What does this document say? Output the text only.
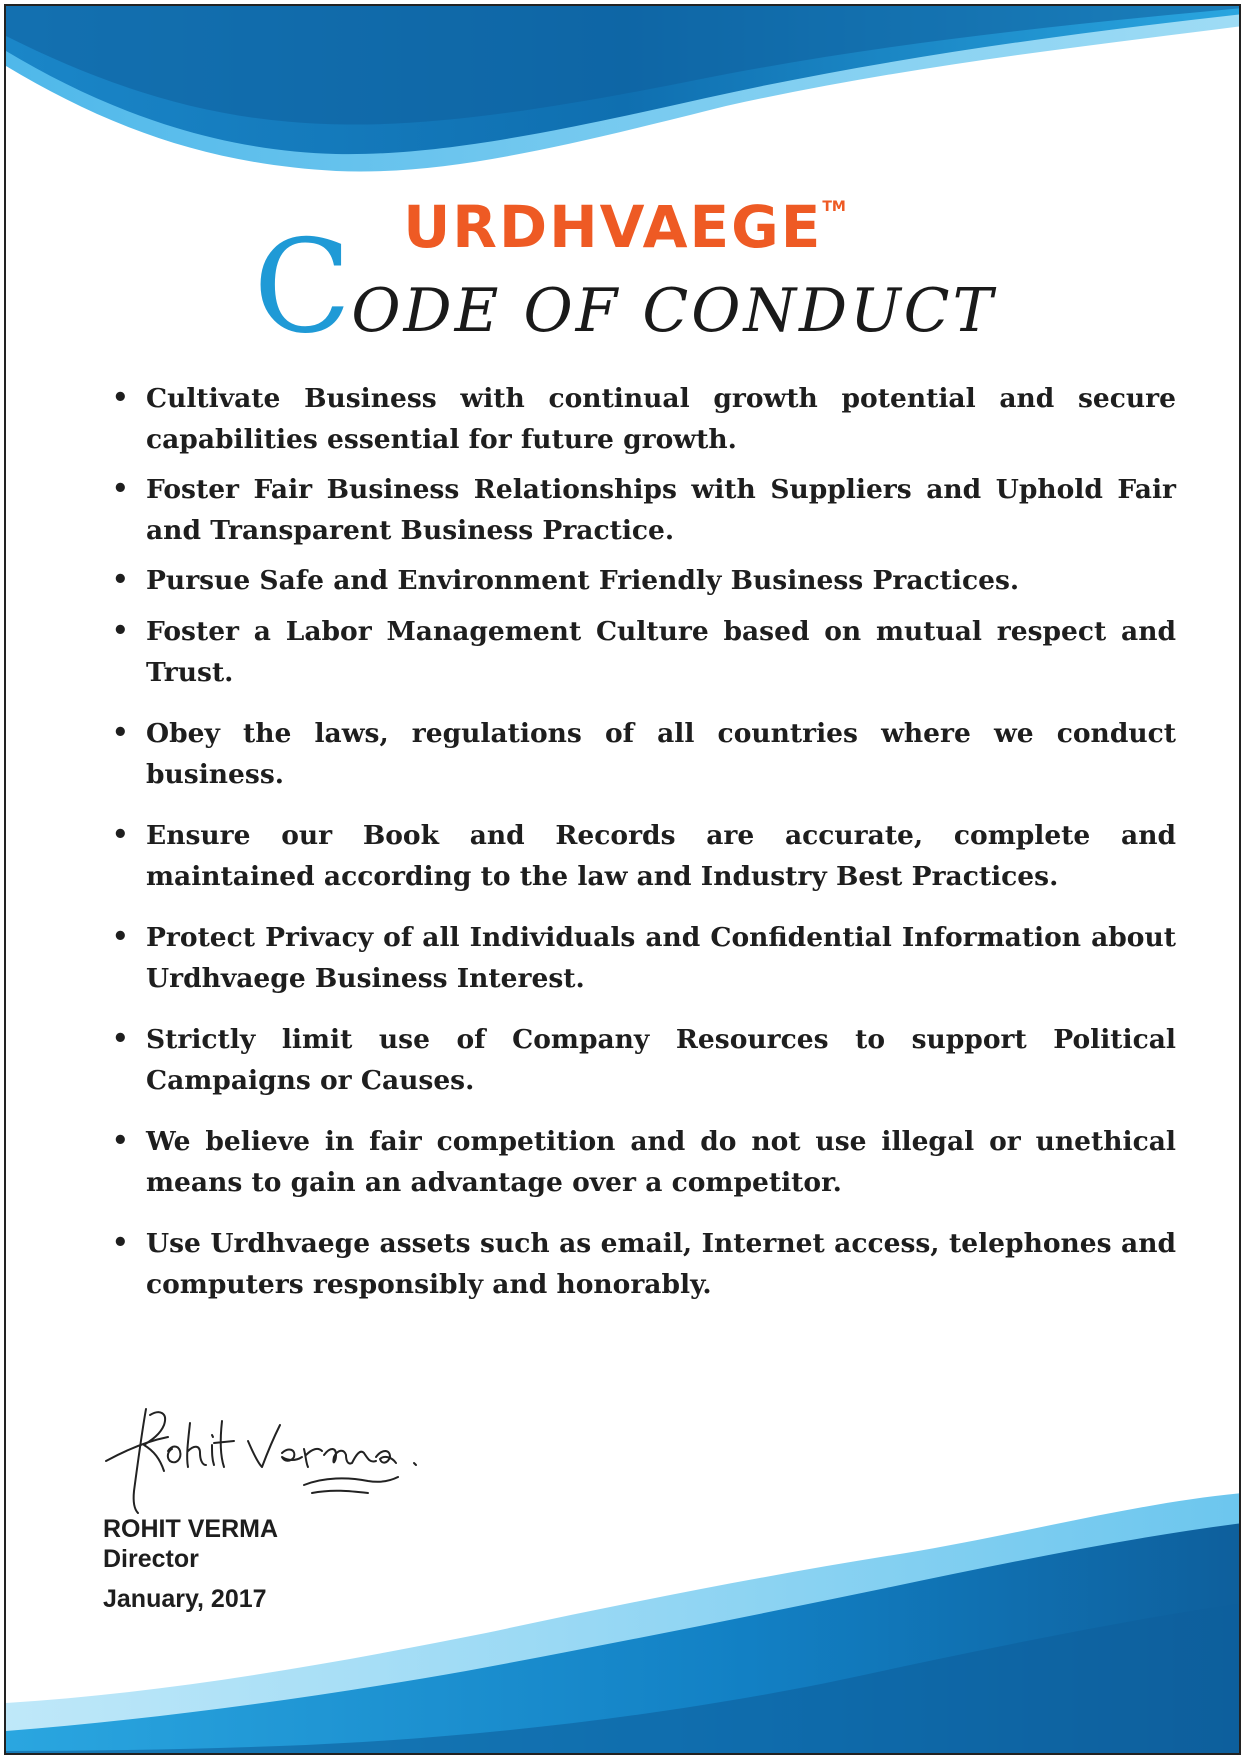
URDHVAEGE™
CODE OF CONDUCT
• Cultivate Business with continual growth potential and secure capabilities essential for future growth.
• Foster Fair Business Relationships with Suppliers and Uphold Fair and Transparent Business Practice.
• Pursue Safe and Environment Friendly Business Practices.
• Foster a Labor Management Culture based on mutual respect and Trust.
• Obey the laws, regulations of all countries where we conduct business.
• Ensure our Book and Records are accurate, complete and maintained according to the law and Industry Best Practices.
• Protect Privacy of all Individuals and Confidential Information about Urdhvaege Business Interest.
• Strictly limit use of Company Resources to support Political Campaigns or Causes.
• We believe in fair competition and do not use illegal or unethical means to gain an advantage over a competitor.
• Use Urdhvaege assets such as email, Internet access, telephones and computers responsibly and honorably.
ROHIT VERMA
Director
January, 2017
